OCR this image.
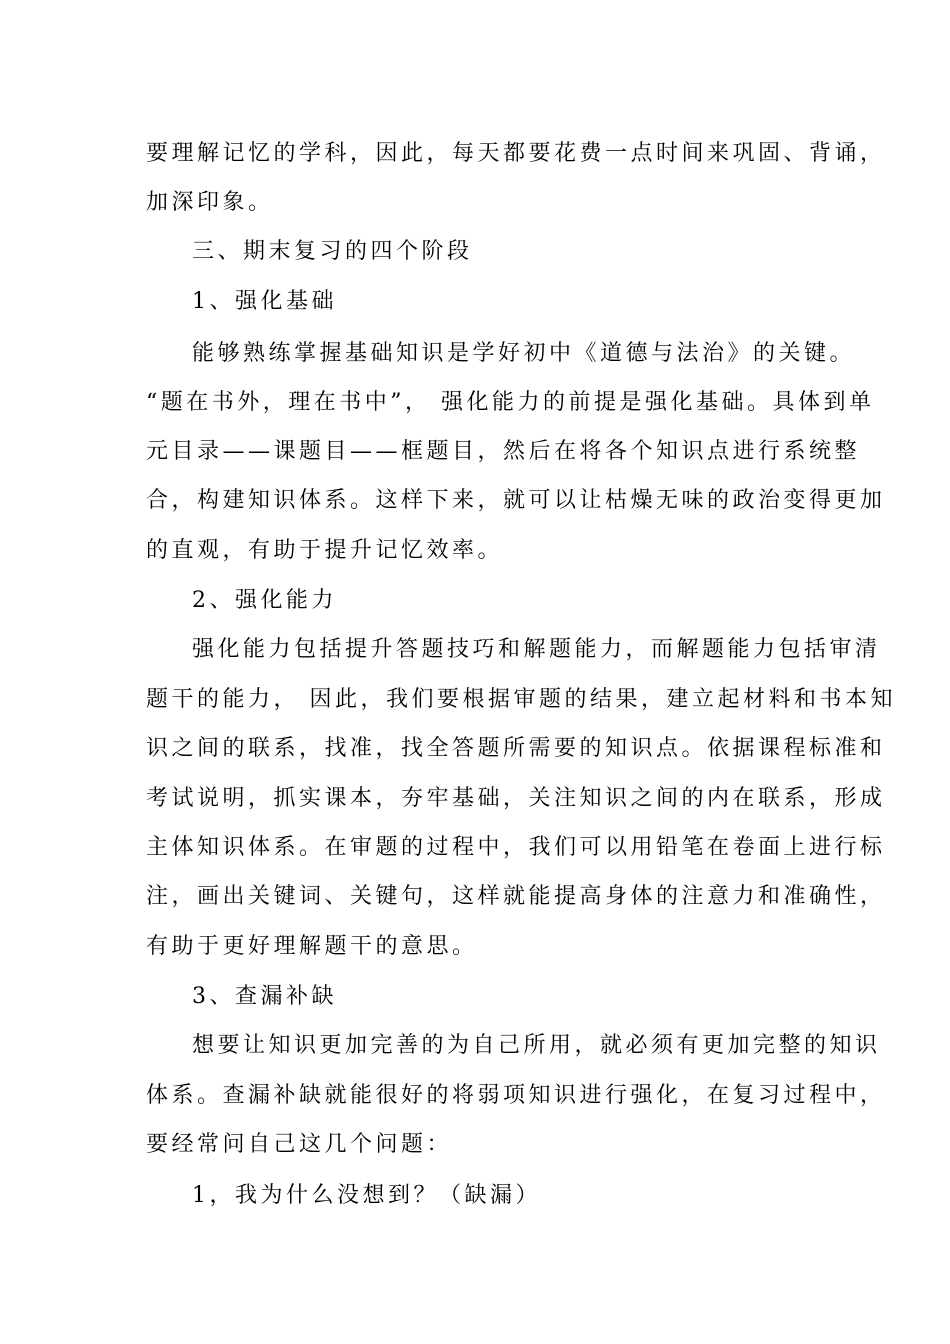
要理解记忆的学科，因此，每天都要花费一点时间来巩固、背诵，
加深印象。
三、期末复习的四个阶段
1、强化基础
能够熟练掌握基础知识是学好初中《道德与法治》的关键。
“题在书外，理在书中”， 强化能力的前提是强化基础。具体到单
元目录——课题目——框题目，然后在将各个知识点进行系统整
合，构建知识体系。这样下来，就可以让枯燥无味的政治变得更加
的直观，有助于提升记忆效率。
2、强化能力
强化能力包括提升答题技巧和解题能力，而解题能力包括审清
题干的能力， 因此，我们要根据审题的结果，建立起材料和书本知
识之间的联系，找准，找全答题所需要的知识点。依据课程标准和
考试说明，抓实课本，夯牢基础，关注知识之间的内在联系，形成
主体知识体系。在审题的过程中，我们可以用铅笔在卷面上进行标
注，画出关键词、关键句，这样就能提高身体的注意力和准确性，
有助于更好理解题干的意思。
3、查漏补缺
想要让知识更加完善的为自己所用，就必须有更加完整的知识
体系。查漏补缺就能很好的将弱项知识进行强化，在复习过程中，
要经常问自己这几个问题：
1，我为什么没想到？（缺漏）
